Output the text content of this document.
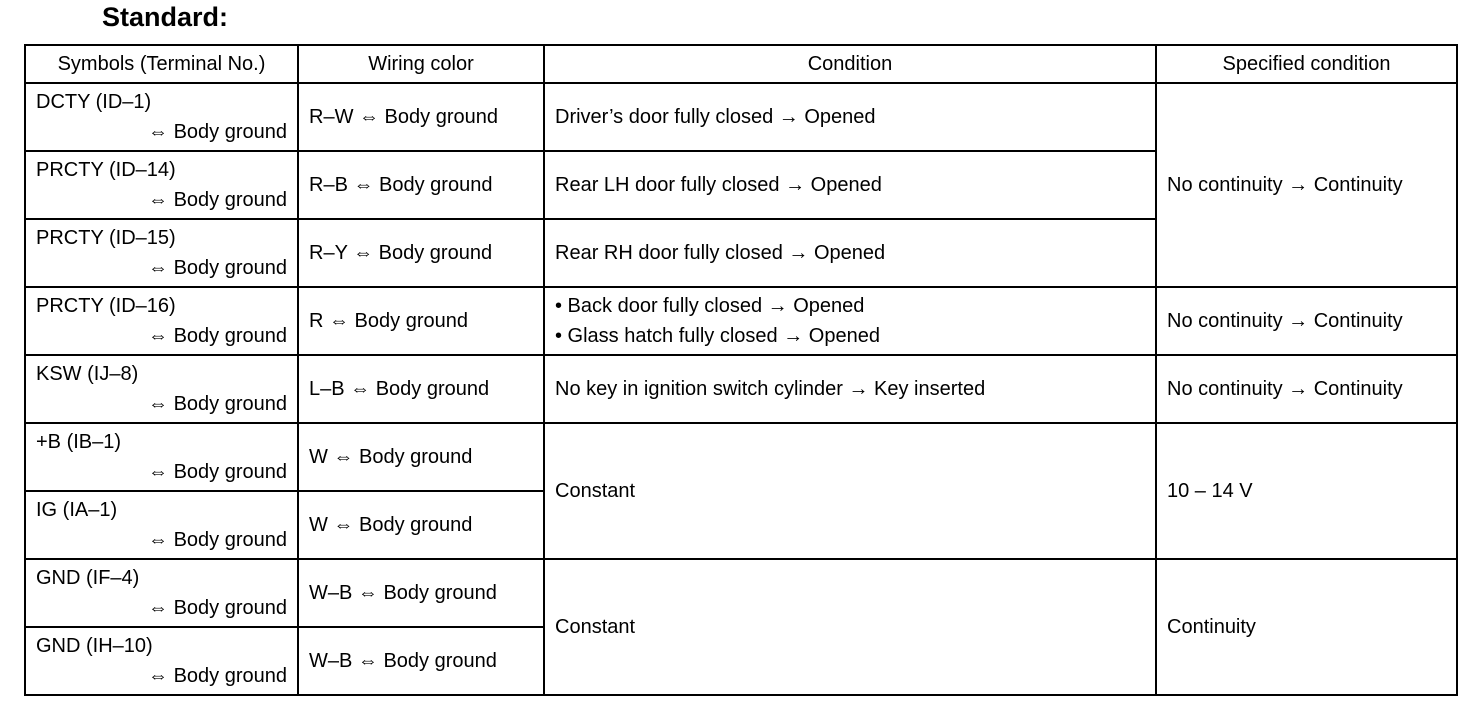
Standard:
Symbols (Terminal No.)	Wiring color	Condition	Specified condition

DCTY (ID–1)
⇔ Body ground	R–W ⇔ Body ground	Driver’s door fully closed → Opened	No continuity → Continuity

PRCTY (ID–14)
⇔ Body ground	R–B ⇔ Body ground	Rear LH door fully closed → Opened	

PRCTY (ID–15)
⇔ Body ground	R–Y ⇔ Body ground	Rear RH door fully closed → Opened	

PRCTY (ID–16)
⇔ Body ground	R ⇔ Body ground	• Back door fully closed → Opened
• Glass hatch fully closed → Opened	No continuity → Continuity

KSW (IJ–8)
⇔ Body ground	L–B ⇔ Body ground	No key in ignition switch cylinder → Key inserted	No continuity → Continuity

+B (IB–1)
⇔ Body ground	W ⇔ Body ground	Constant	10 – 14 V

IG (IA–1)
⇔ Body ground	W ⇔ Body ground		

GND (IF–4)
⇔ Body ground	W–B ⇔ Body ground	Constant	Continuity

GND (IH–10)
⇔ Body ground	W–B ⇔ Body ground		
